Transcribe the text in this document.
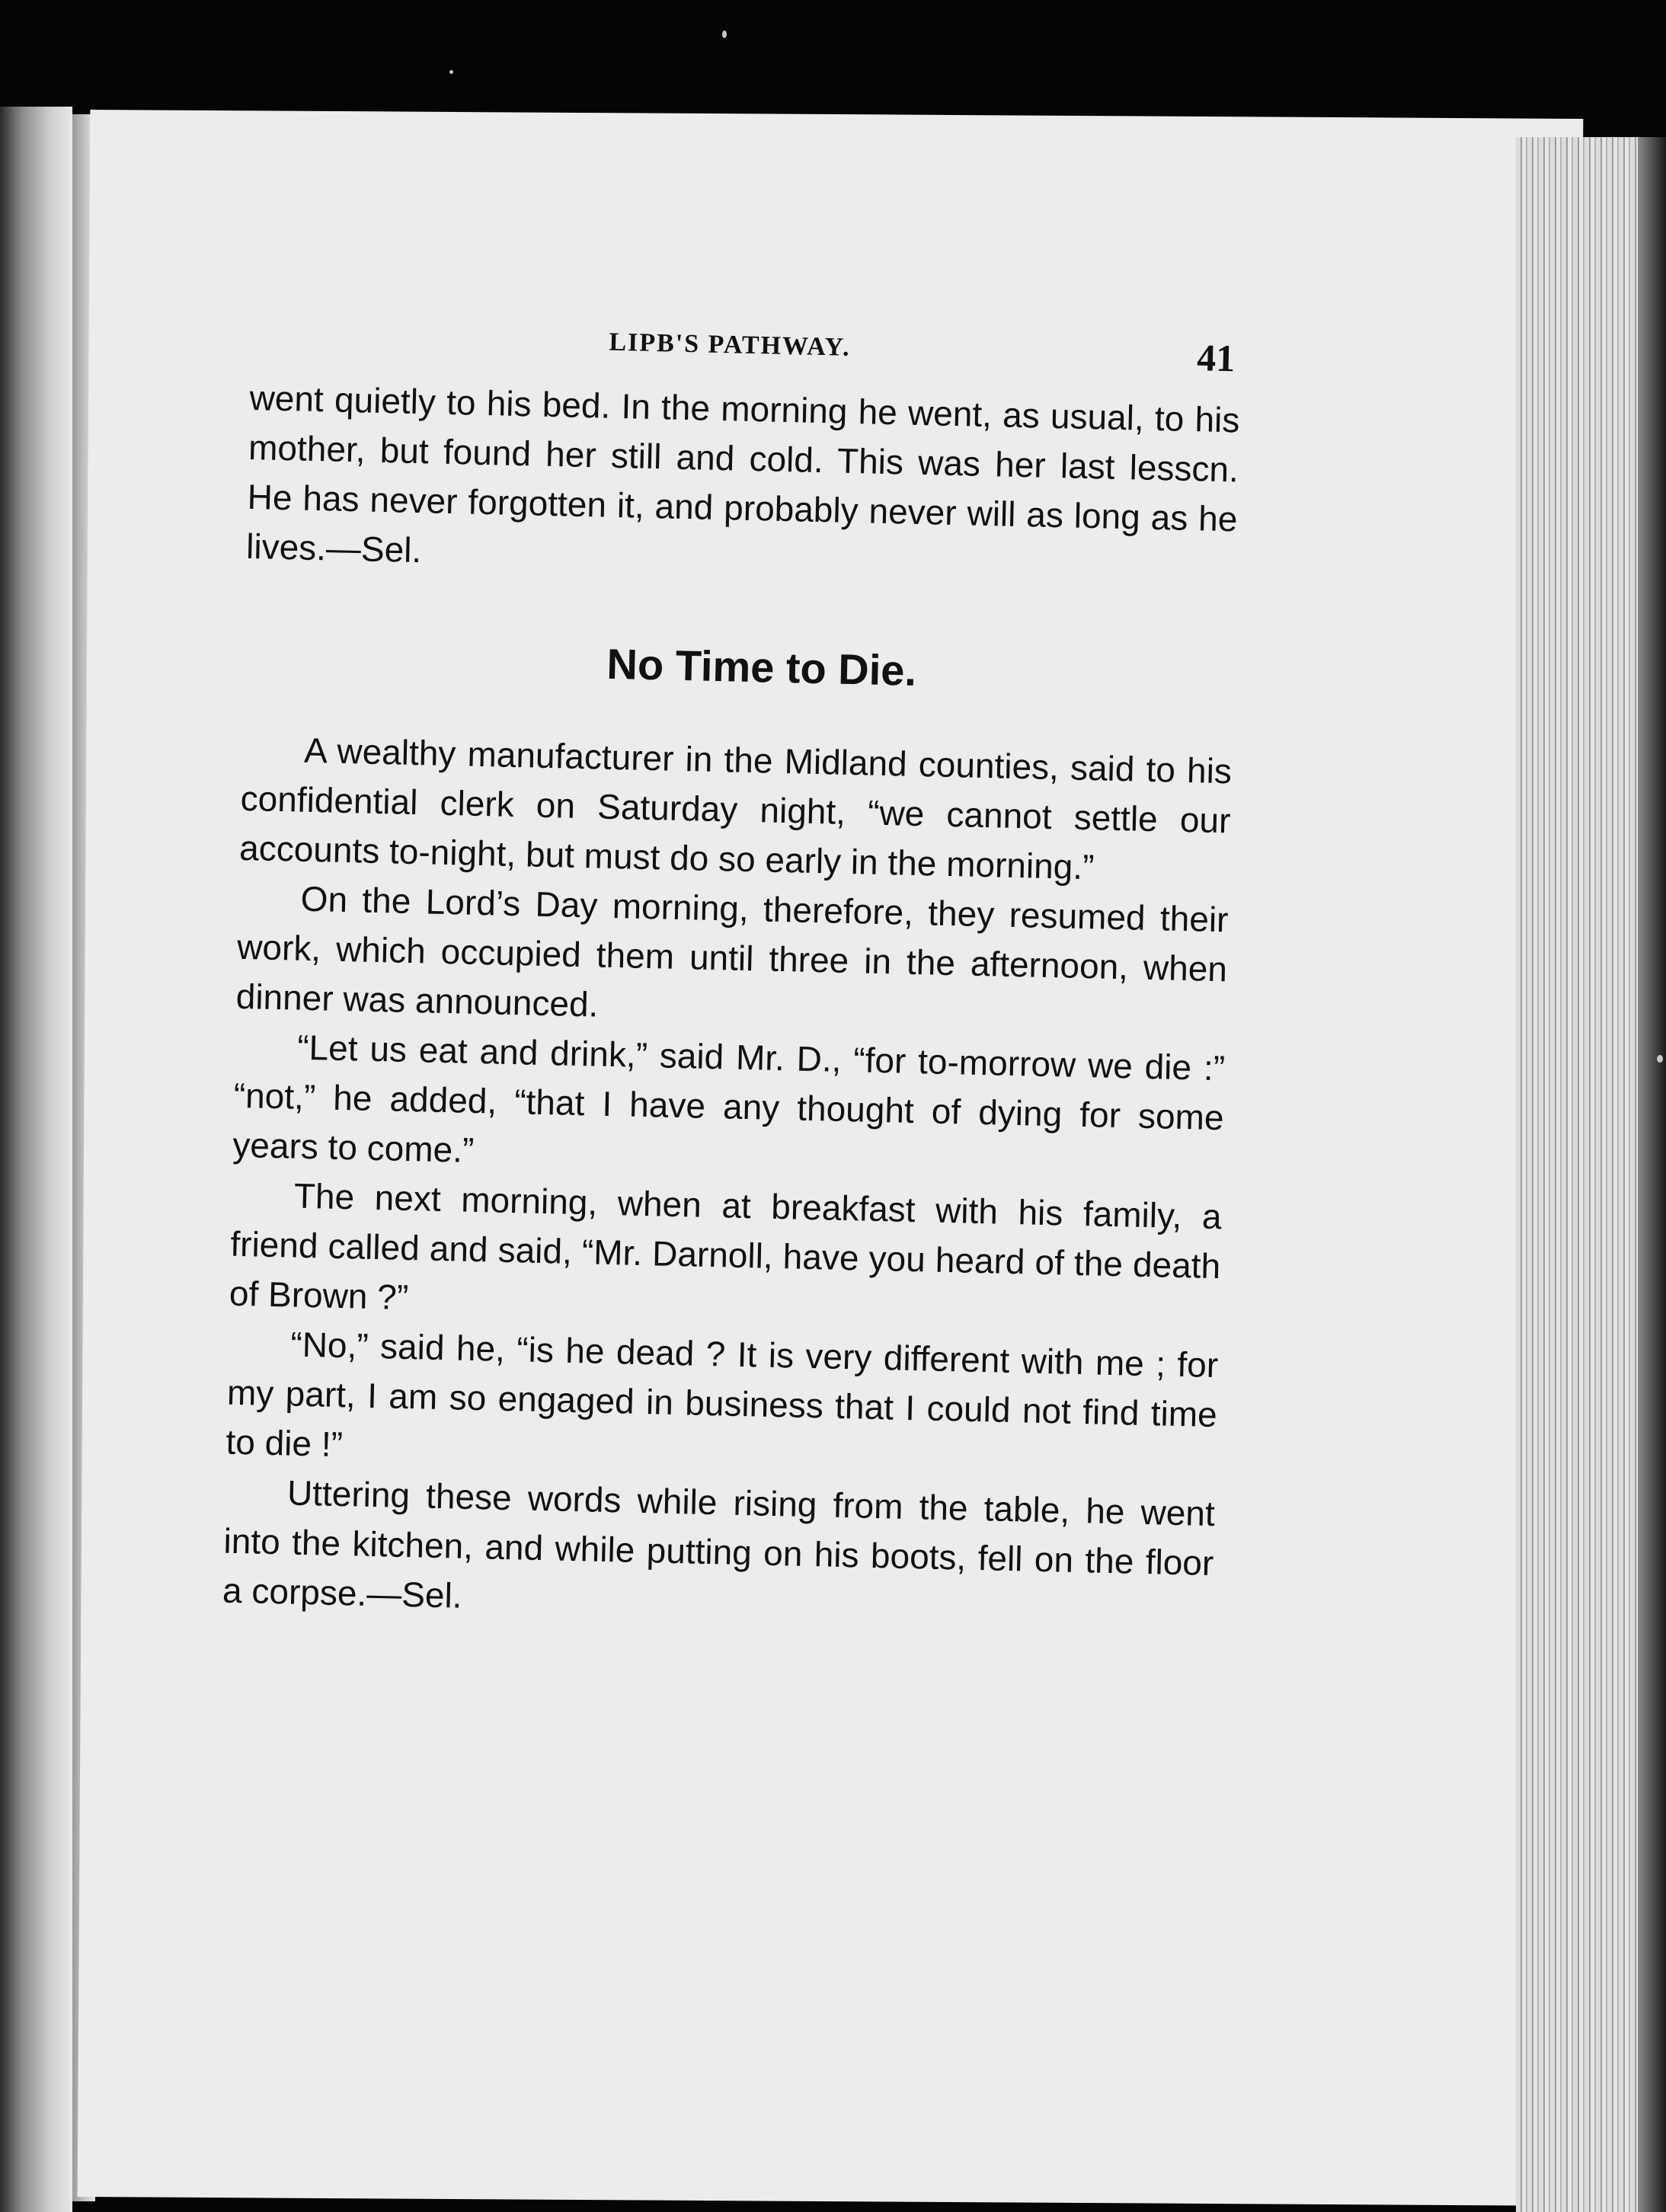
LIPB'S PATHWAY.	41

went quietly to his bed. In the morning he went, as usual, to his mother, but found her still and cold. This was her last lesscn. He has never forgotten it, and probably never will as long as he lives.—Sel.

No Time to Die.

A wealthy manufacturer in the Midland counties, said to his confidential clerk on Saturday night, “we cannot settle our accounts to-night, but must do so early in the morning.”

On the Lord’s Day morning, therefore, they resumed their work, which occupied them until three in the afternoon, when dinner was announced.

“Let us eat and drink,” said Mr. D., “for to-morrow we die :” “not,” he added, “that I have any thought of dying for some years to come.”

The next morning, when at breakfast with his family, a friend called and said, “Mr. Darnoll, have you heard of the death of Brown ?”

“No,” said he, “is he dead ? It is very different with me ; for my part, I am so engaged in business that I could not find time to die !”

Uttering these words while rising from the table, he went into the kitchen, and while putting on his boots, fell on the floor a corpse.—Sel.
